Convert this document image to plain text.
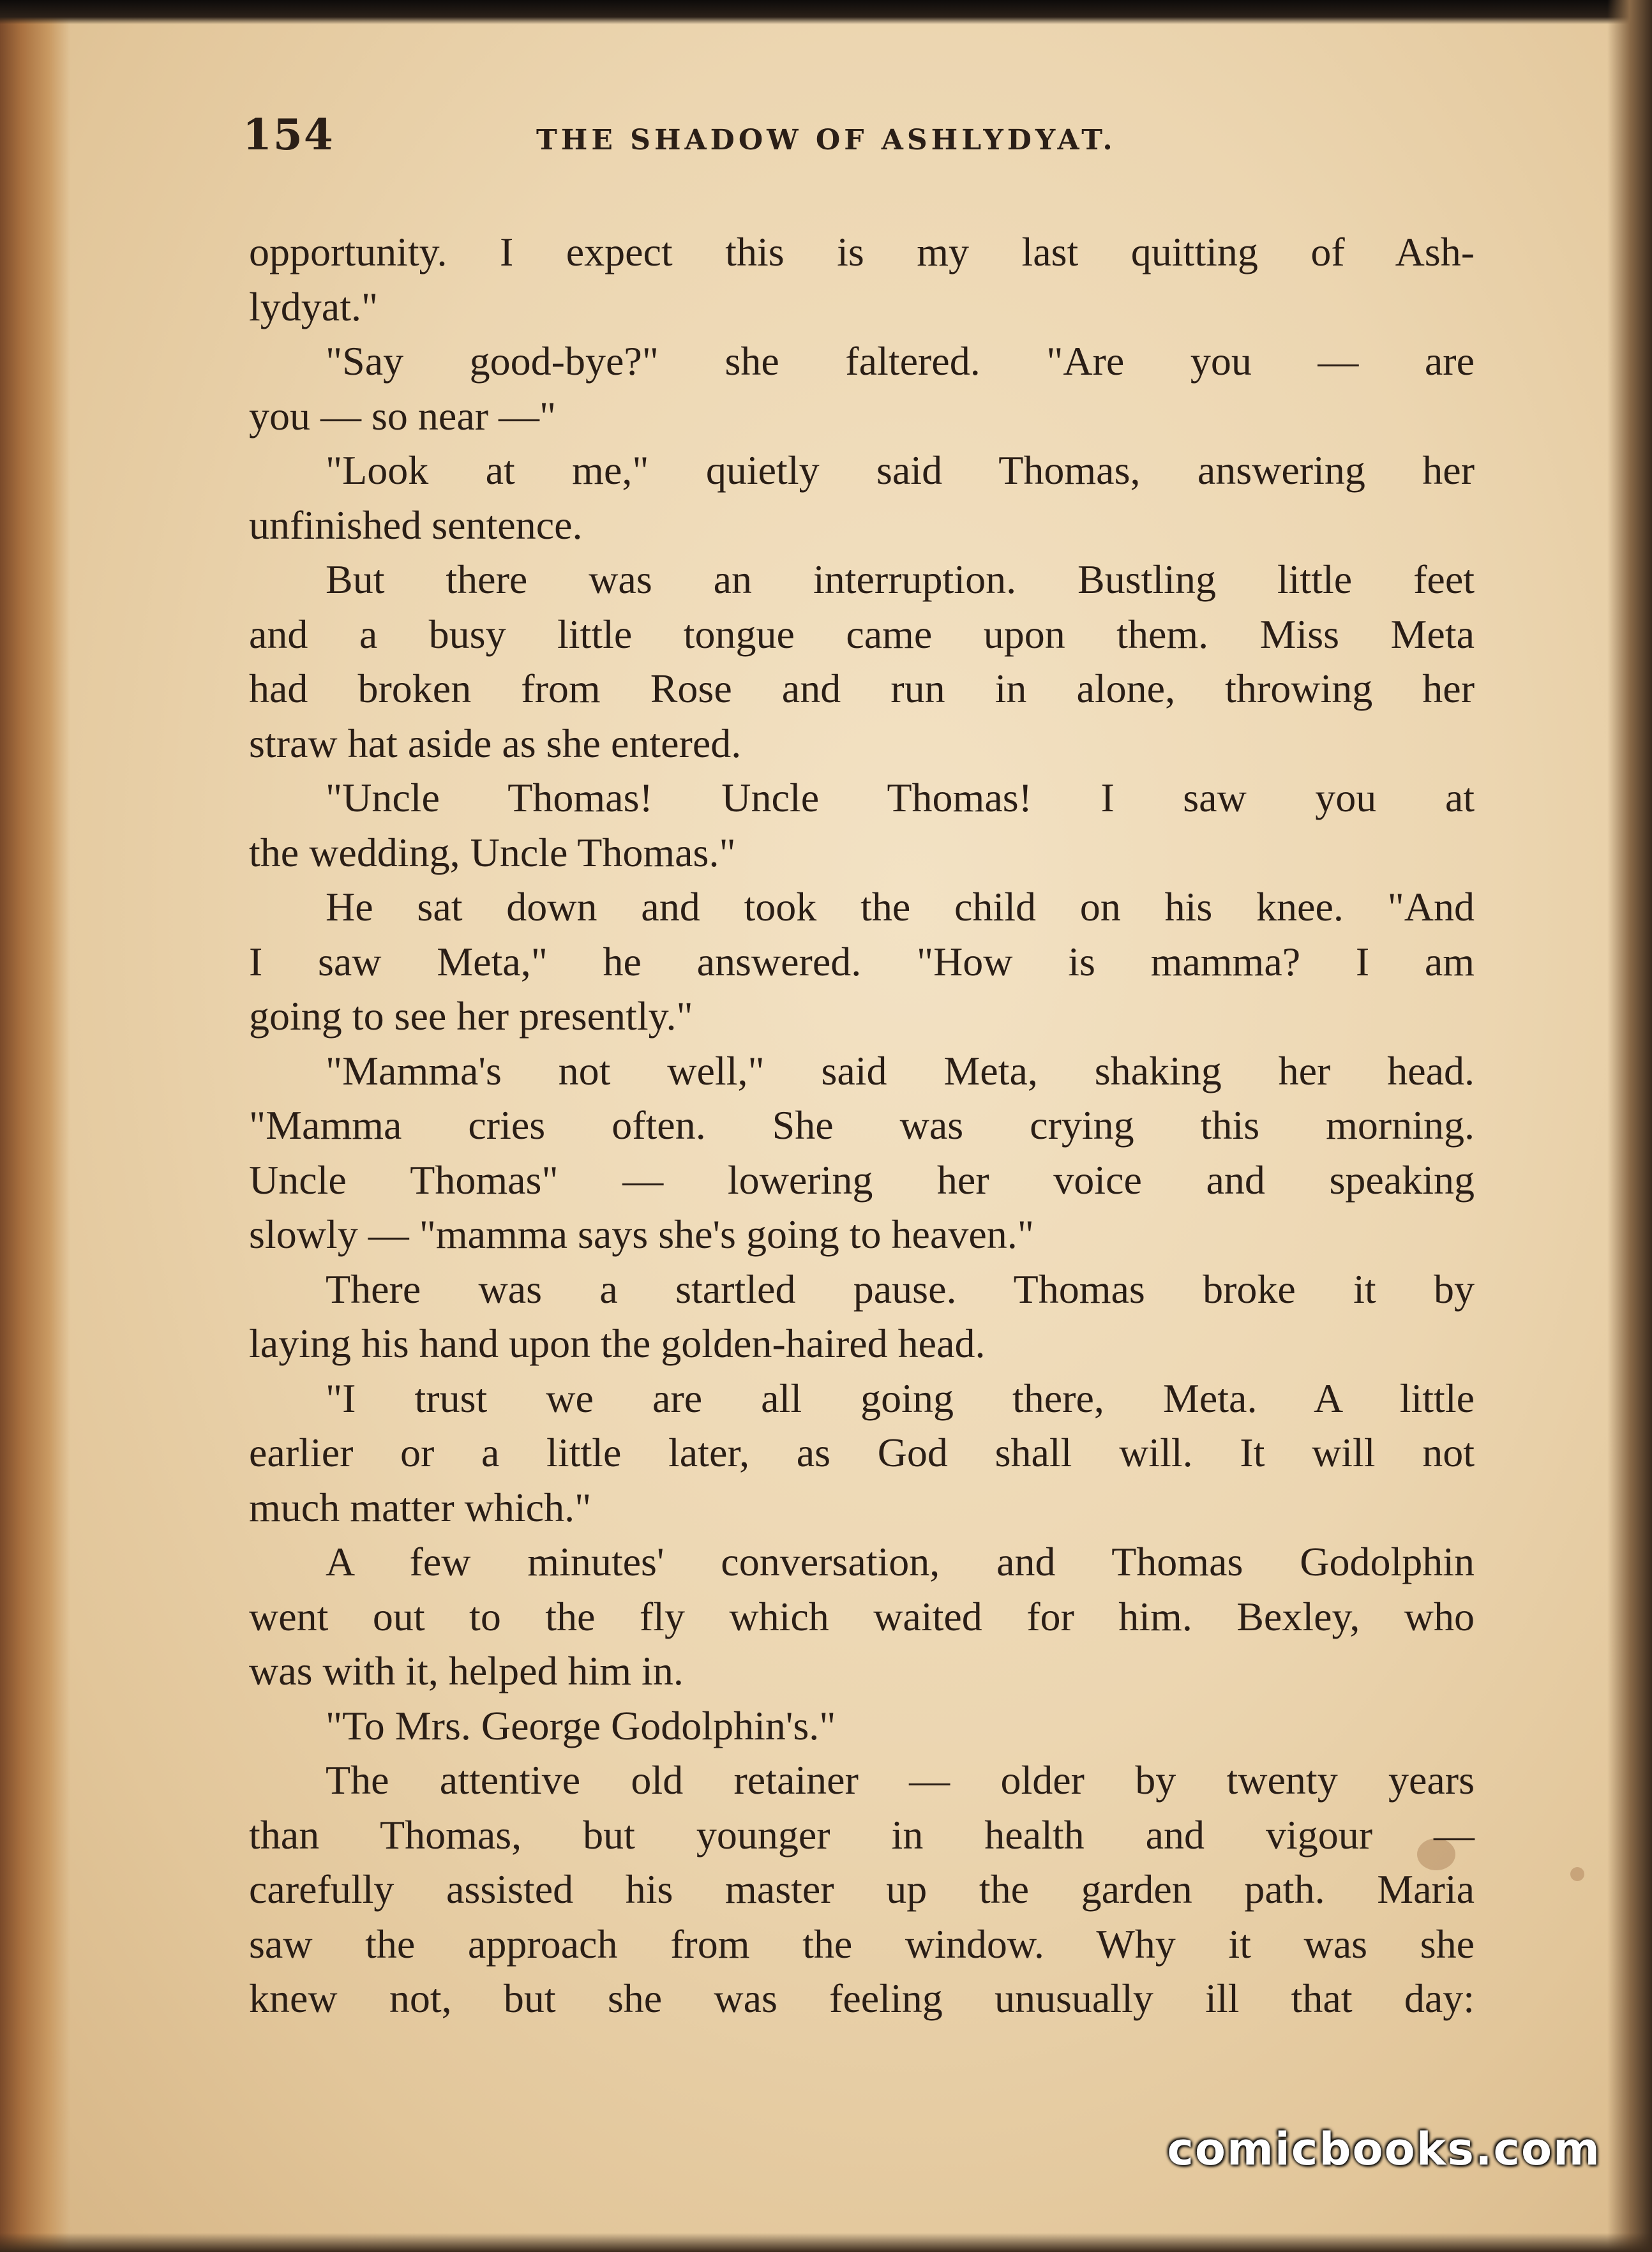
154	THE SHADOW OF ASHLYDYAT.
opportunity. I expect this is my last quitting of Ash-
lydyat."
"Say good-bye?" she faltered. "Are you — are
you — so near —"
"Look at me," quietly said Thomas, answering her
unfinished sentence.
But there was an interruption. Bustling little feet
and a busy little tongue came upon them. Miss Meta
had broken from Rose and run in alone, throwing her
straw hat aside as she entered.
"Uncle Thomas! Uncle Thomas! I saw you at
the wedding, Uncle Thomas."
He sat down and took the child on his knee. "And
I saw Meta," he answered. "How is mamma? I am
going to see her presently."
"Mamma's not well," said Meta, shaking her head.
"Mamma cries often. She was crying this morning.
Uncle Thomas" — lowering her voice and speaking
slowly — "mamma says she's going to heaven."
There was a startled pause. Thomas broke it by
laying his hand upon the golden-haired head.
"I trust we are all going there, Meta. A little
earlier or a little later, as God shall will. It will not
much matter which."
A few minutes' conversation, and Thomas Godolphin
went out to the fly which waited for him. Bexley, who
was with it, helped him in.
"To Mrs. George Godolphin's."
The attentive old retainer — older by twenty years
than Thomas, but younger in health and vigour —
carefully assisted his master up the garden path. Maria
saw the approach from the window. Why it was she
knew not, but she was feeling unusually ill that day:
comicbooks.com
